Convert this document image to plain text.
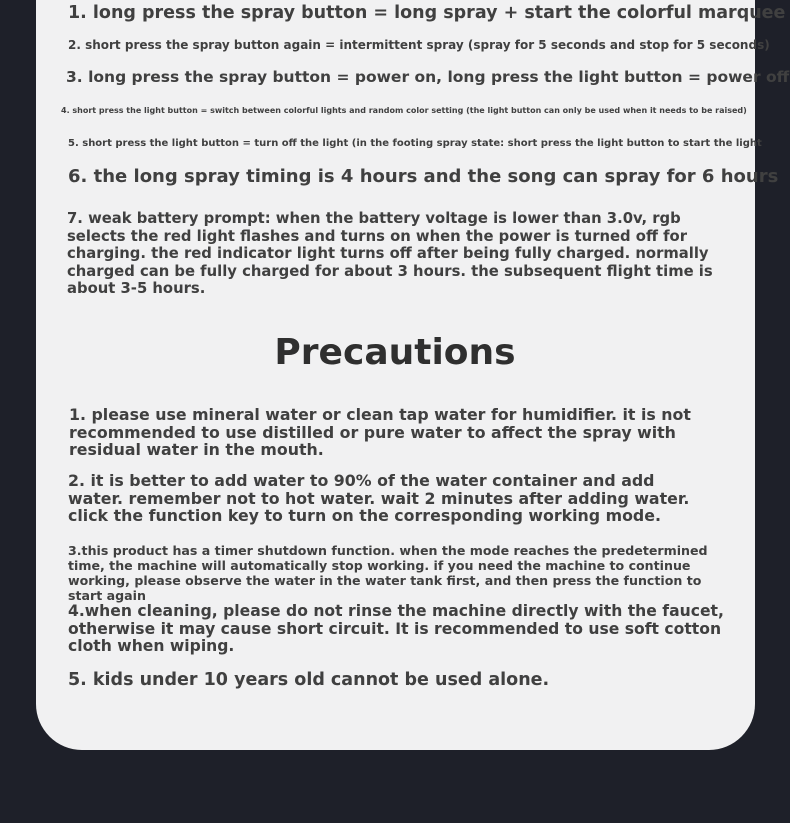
1. long press the spray button = long spray + start the colorful marquee

2. short press the spray button again = intermittent spray (spray for 5 seconds and stop for 5 seconds)

3. long press the spray button = power on, long press the light button = power off

4. short press the light button = switch between colorful lights and random color setting (the light button can only be used when it needs to be raised)

5. short press the light button = turn off the light (in the footing spray state: short press the light button to start the light

6. the long spray timing is 4 hours and the song can spray for 6 hours

7. weak battery prompt: when the battery voltage is lower than 3.0v, rgb selects the red light flashes and turns on when the power is turned off for charging. the red indicator light turns off after being fully charged. normally charged can be fully charged for about 3 hours. the subsequent flight time is about 3-5 hours.

Precautions

1. please use mineral water or clean tap water for humidifier. it is not recommended to use distilled or pure water to affect the spray with residual water in the mouth.

2. it is better to add water to 90% of the water container and add water. remember not to hot water. wait 2 minutes after adding water. click the function key to turn on the corresponding working mode.

3.this product has a timer shutdown function. when the mode reaches the predetermined time, the machine will automatically stop working. if you need the machine to continue working, please observe the water in the water tank first, and then press the function to start again

4.when cleaning, please do not rinse the machine directly with the faucet, otherwise it may cause short circuit. It is recommended to use soft cotton cloth when wiping.

5. kids under 10 years old cannot be used alone.
